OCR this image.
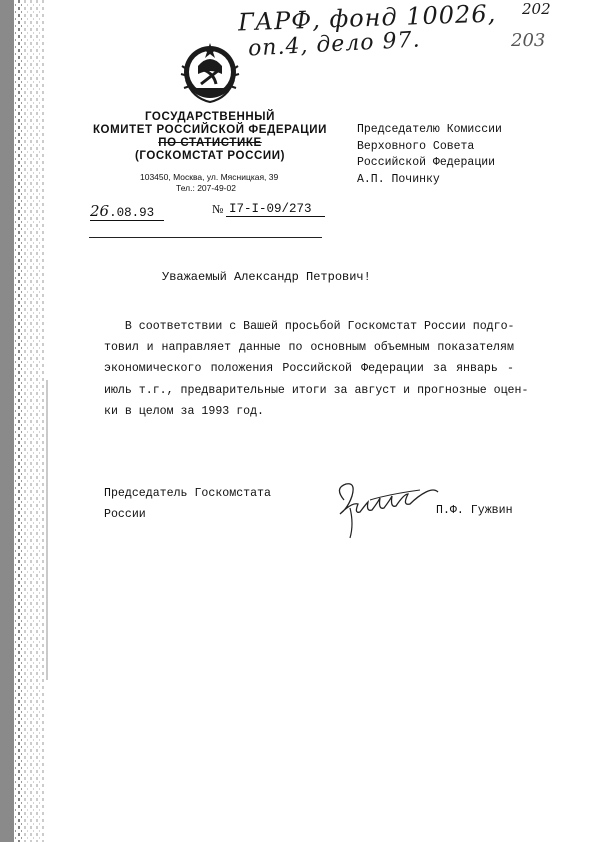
ГАРФ, фонд 10026,
оп.4, дело 97.
202
203
ГОСУДАРСТВЕННЫЙ
КОМИТЕТ РОССИЙСКОЙ ФЕДЕРАЦИИ
ПО СТАТИСТИКЕ
(ГОСКОМСТАТ РОССИИ)
103450, Москва, ул. Мясницкая, 39
Тел.: 207-49-02
Председателю Комиссии
Верховного Совета
Российской Федерации
А.П. Починку
26.08.93	№ I7-I-09/273
Уважаемый Александр Петрович!
В соответствии с Вашей просьбой Госкомстат России подго-
товил и направляет данные по основным объемным показателям
экономического положения Российской Федерации за январь -
июль т.г., предварительные итоги за август и прогнозные оцен-
ки в целом за 1993 год.
Председатель Госкомстата
России	П.Ф. Гужвин
